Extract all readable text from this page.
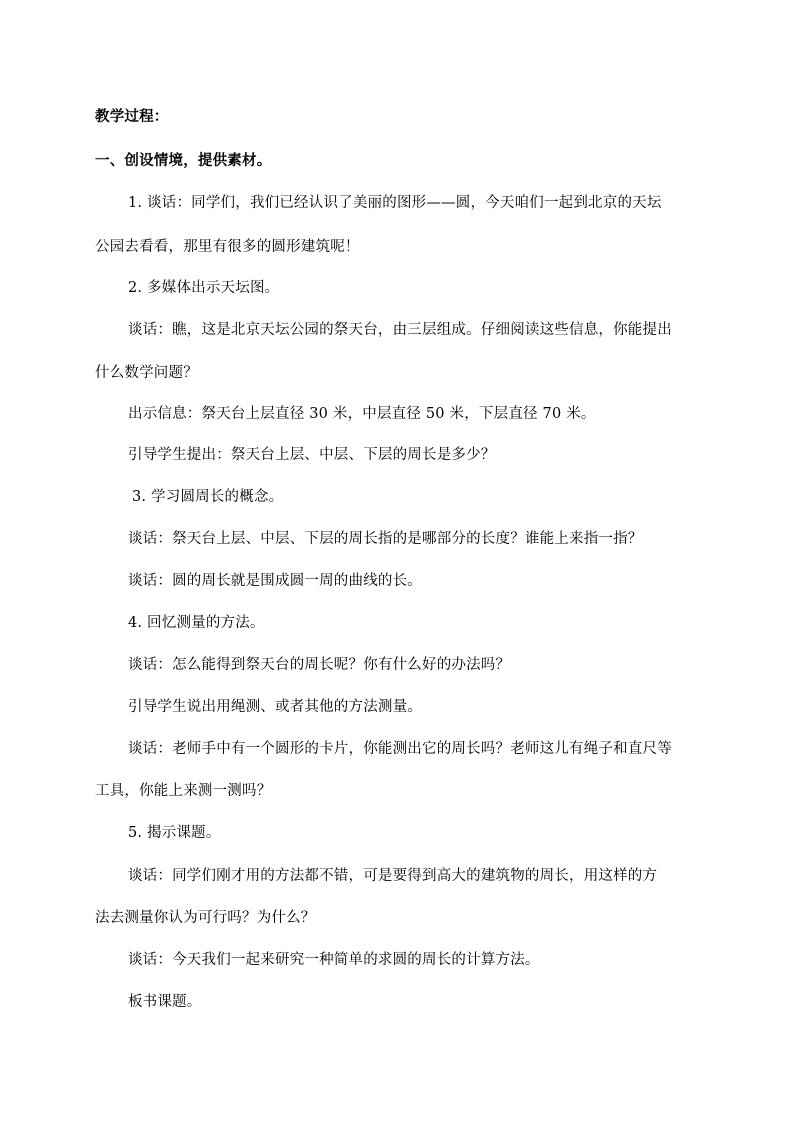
教学过程：
一、创设情境，提供素材。
1. 谈话：同学们，我们已经认识了美丽的图形——圆，今天咱们一起到北京的天坛
公园去看看，那里有很多的圆形建筑呢！
2. 多媒体出示天坛图。
谈话：瞧，这是北京天坛公园的祭天台，由三层组成。仔细阅读这些信息，你能提出
什么数学问题？
出示信息：祭天台上层直径 30 米，中层直径 50 米，下层直径 70 米。
引导学生提出：祭天台上层、中层、下层的周长是多少？
3. 学习圆周长的概念。
谈话：祭天台上层、中层、下层的周长指的是哪部分的长度？谁能上来指一指？
谈话：圆的周长就是围成圆一周的曲线的长。
4. 回忆测量的方法。
谈话：怎么能得到祭天台的周长呢？你有什么好的办法吗？
引导学生说出用绳测、或者其他的方法测量。
谈话：老师手中有一个圆形的卡片，你能测出它的周长吗？老师这儿有绳子和直尺等
工具，你能上来测一测吗？
5. 揭示课题。
谈话：同学们刚才用的方法都不错，可是要得到高大的建筑物的周长，用这样的方
法去测量你认为可行吗？为什么？
谈话：今天我们一起来研究一种简单的求圆的周长的计算方法。
板书课题。
